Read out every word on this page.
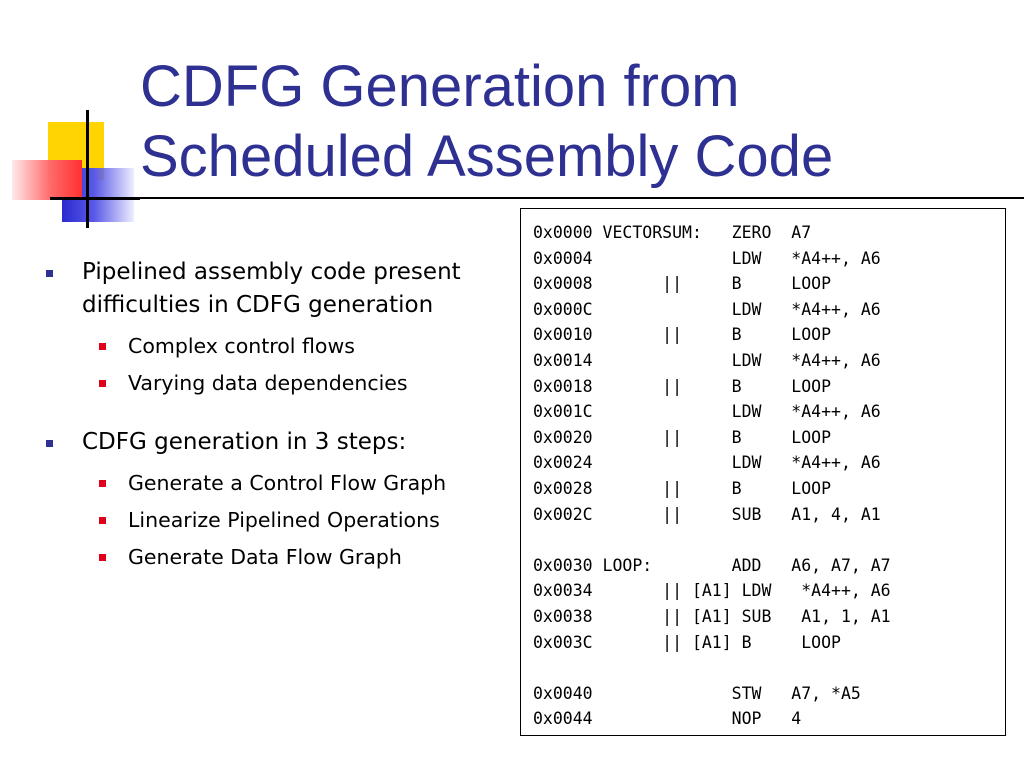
CDFG Generation from
Scheduled Assembly Code
Pipelined assembly code present difficulties in CDFG generation
Complex control flows
Varying data dependencies
CDFG generation in 3 steps:
Generate a Control Flow Graph
Linearize Pipelined Operations
Generate Data Flow Graph
0x0000 VECTORSUM:   ZERO  A7
0x0004              LDW   *A4++, A6
0x0008       ||     B     LOOP
0x000C              LDW   *A4++, A6
0x0010       ||     B     LOOP
0x0014              LDW   *A4++, A6
0x0018       ||     B     LOOP
0x001C              LDW   *A4++, A6
0x0020       ||     B     LOOP
0x0024              LDW   *A4++, A6
0x0028       ||     B     LOOP
0x002C       ||     SUB   A1, 4, A1
0x0030 LOOP:        ADD   A6, A7, A7
0x0034       || [A1] LDW   *A4++, A6
0x0038       || [A1] SUB   A1, 1, A1
0x003C       || [A1] B     LOOP
0x0040              STW   A7, *A5
0x0044              NOP   4
